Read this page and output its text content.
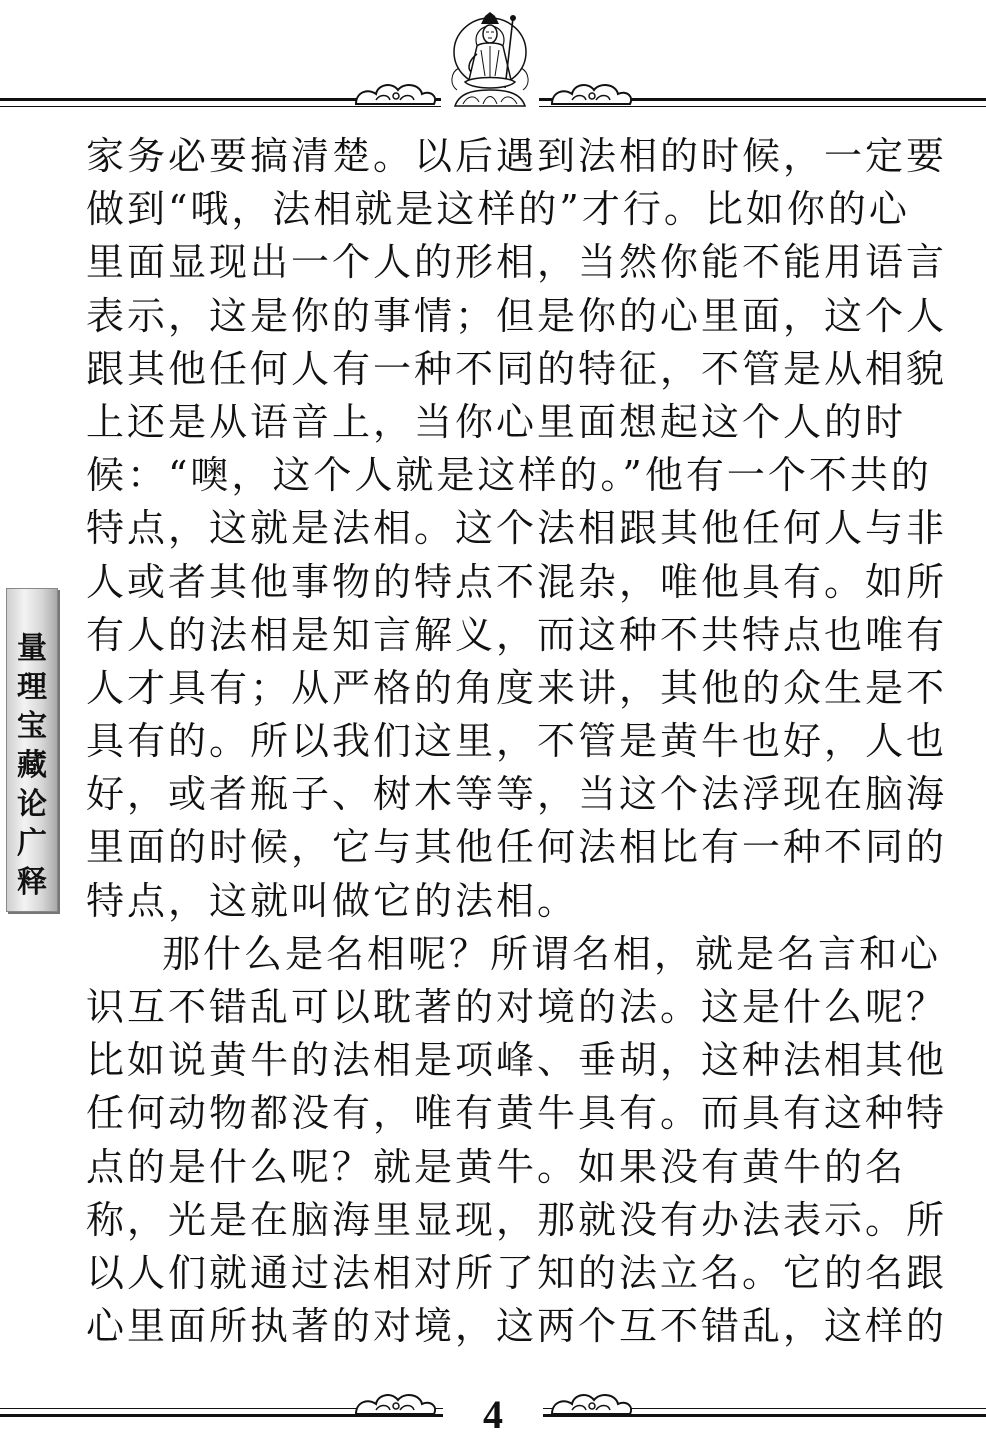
量
理
宝
藏
论
广
释
家务必要搞清楚。以后遇到法相的时候，一定要
做到“哦，法相就是这样的”才行。比如你的心
里面显现出一个人的形相，当然你能不能用语言
表示，这是你的事情；但是你的心里面，这个人
跟其他任何人有一种不同的特征，不管是从相貌
上还是从语音上，当你心里面想起这个人的时
候：“噢，这个人就是这样的。”他有一个不共的
特点，这就是法相。这个法相跟其他任何人与非
人或者其他事物的特点不混杂，唯他具有。如所
有人的法相是知言解义，而这种不共特点也唯有
人才具有；从严格的角度来讲，其他的众生是不
具有的。所以我们这里，不管是黄牛也好，人也
好，或者瓶子、树木等等，当这个法浮现在脑海
里面的时候，它与其他任何法相比有一种不同的
特点，这就叫做它的法相。
那什么是名相呢？所谓名相，就是名言和心
识互不错乱可以耽著的对境的法。这是什么呢？
比如说黄牛的法相是项峰、垂胡，这种法相其他
任何动物都没有，唯有黄牛具有。而具有这种特
点的是什么呢？就是黄牛。如果没有黄牛的名
称，光是在脑海里显现，那就没有办法表示。所
以人们就通过法相对所了知的法立名。它的名跟
心里面所执著的对境，这两个互不错乱，这样的
4
